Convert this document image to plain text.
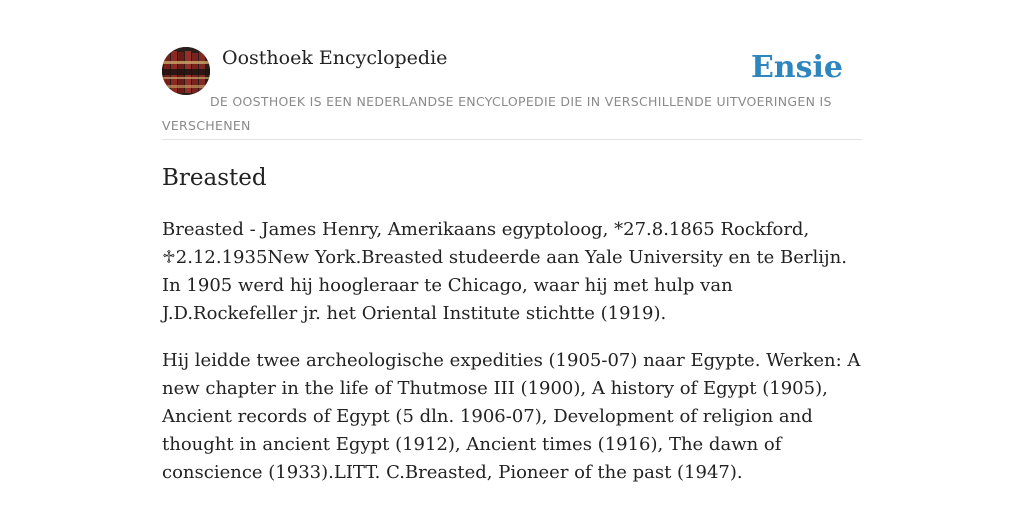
Oosthoek Encyclopedie	Ensie
DE OOSTHOEK IS EEN NEDERLANDSE ENCYCLOPEDIE DIE IN VERSCHILLENDE UITVOERINGEN IS VERSCHENEN
Breasted

Breasted - James Henry, Amerikaans egyptoloog, *27.8.1865 Rockford, ♱2.12.1935New York.Breasted studeerde aan Yale University en te Berlijn. In 1905 werd hij hoogleraar te Chicago, waar hij met hulp van J.D.Rockefeller jr. het Oriental Institute stichtte (1919).

Hij leidde twee archeologische expedities (1905-07) naar Egypte. Werken: A new chapter in the life of Thutmose III (1900), A history of Egypt (1905), Ancient records of Egypt (5 dln. 1906-07), Development of religion and thought in ancient Egypt (1912), Ancient times (1916), The dawn of conscience (1933).LITT. C.Breasted, Pioneer of the past (1947).
